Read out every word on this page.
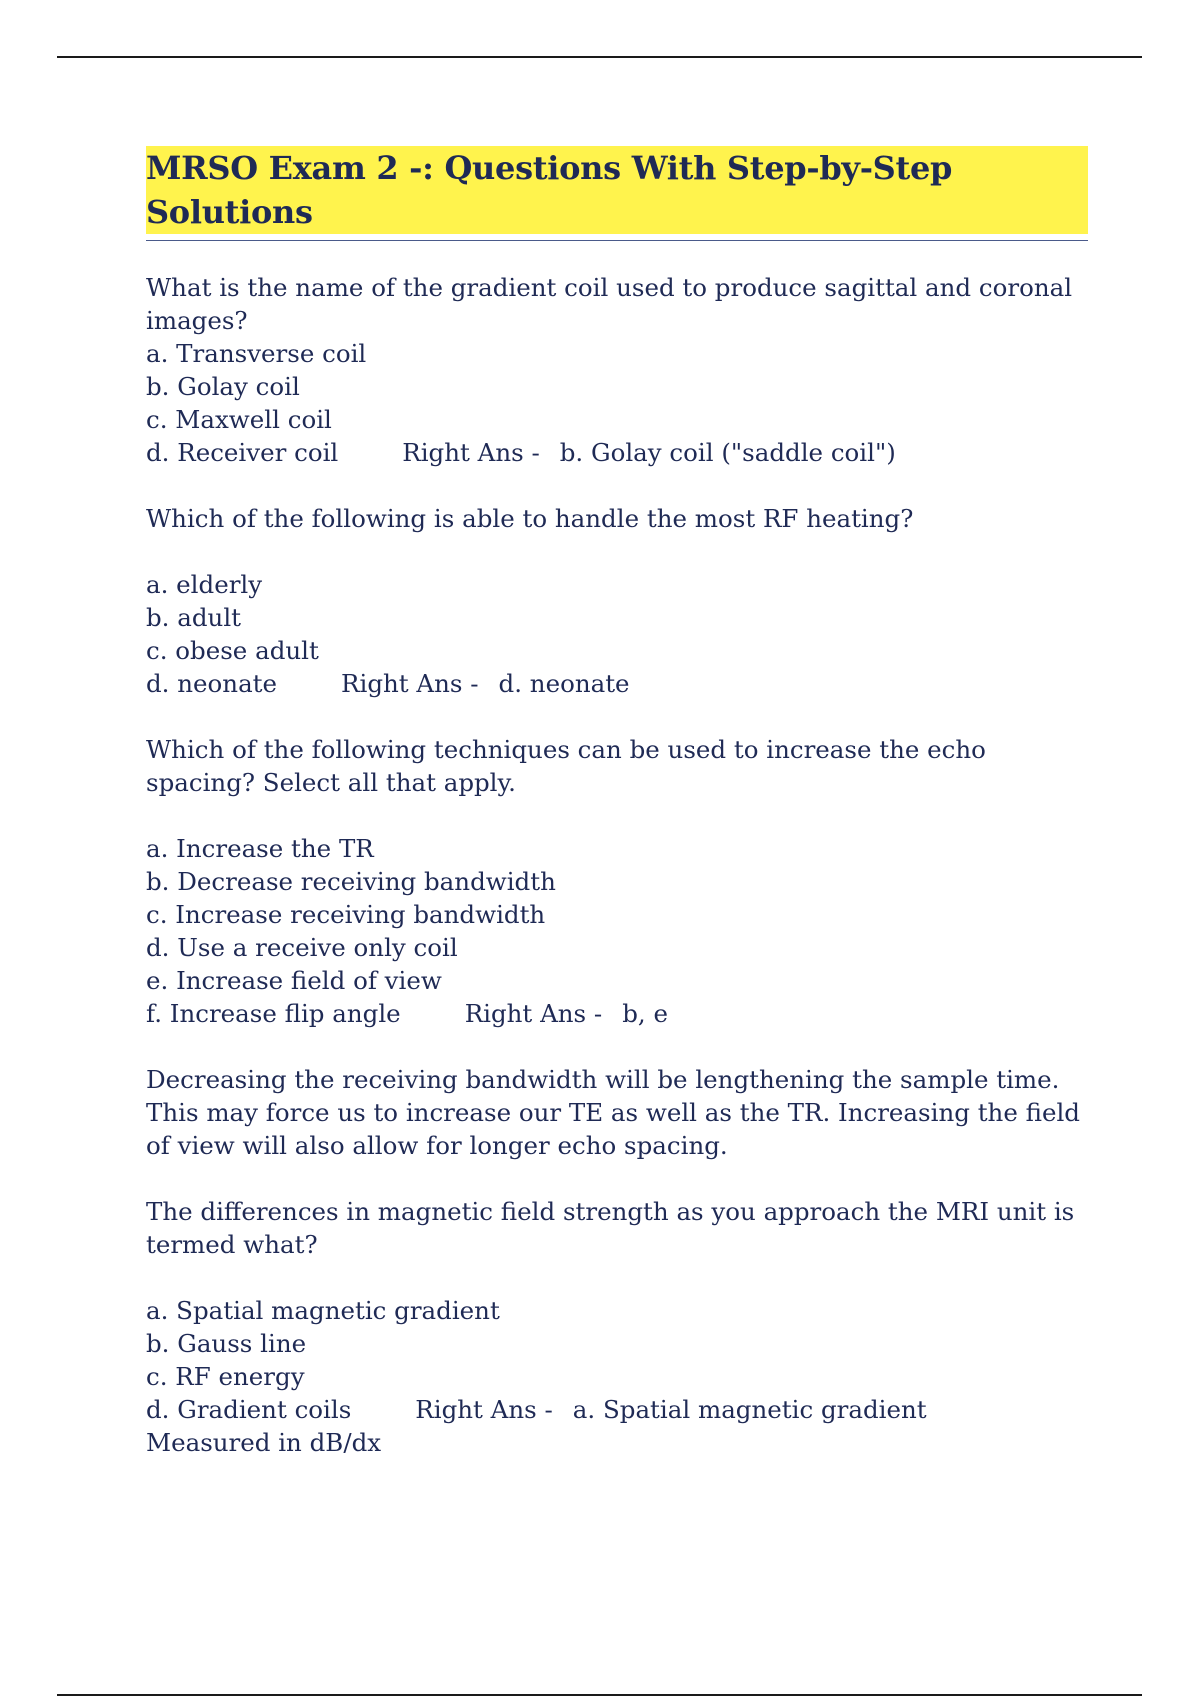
MRSO Exam 2 -: Questions With Step-by-Step Solutions

What is the name of the gradient coil used to produce sagittal and coronal images?

a. Transverse coil

b. Golay coil

c. Maxwell coil

d. Receiver coil	Right Ans - b. Golay coil ("saddle coil")

Which of the following is able to handle the most RF heating?

a. elderly

b. adult

c. obese adult

d. neonate	Right Ans - d. neonate

Which of the following techniques can be used to increase the echo spacing? Select all that apply.

a. Increase the TR

b. Decrease receiving bandwidth

c. Increase receiving bandwidth

d. Use a receive only coil

e. Increase field of view

f. Increase flip angle	Right Ans - b, e

Decreasing the receiving bandwidth will be lengthening the sample time. This may force us to increase our TE as well as the TR. Increasing the field of view will also allow for longer echo spacing.

The differences in magnetic field strength as you approach the MRI unit is termed what?

a. Spatial magnetic gradient

b. Gauss line

c. RF energy

d. Gradient coils	Right Ans - a. Spatial magnetic gradient

Measured in dB/dx
